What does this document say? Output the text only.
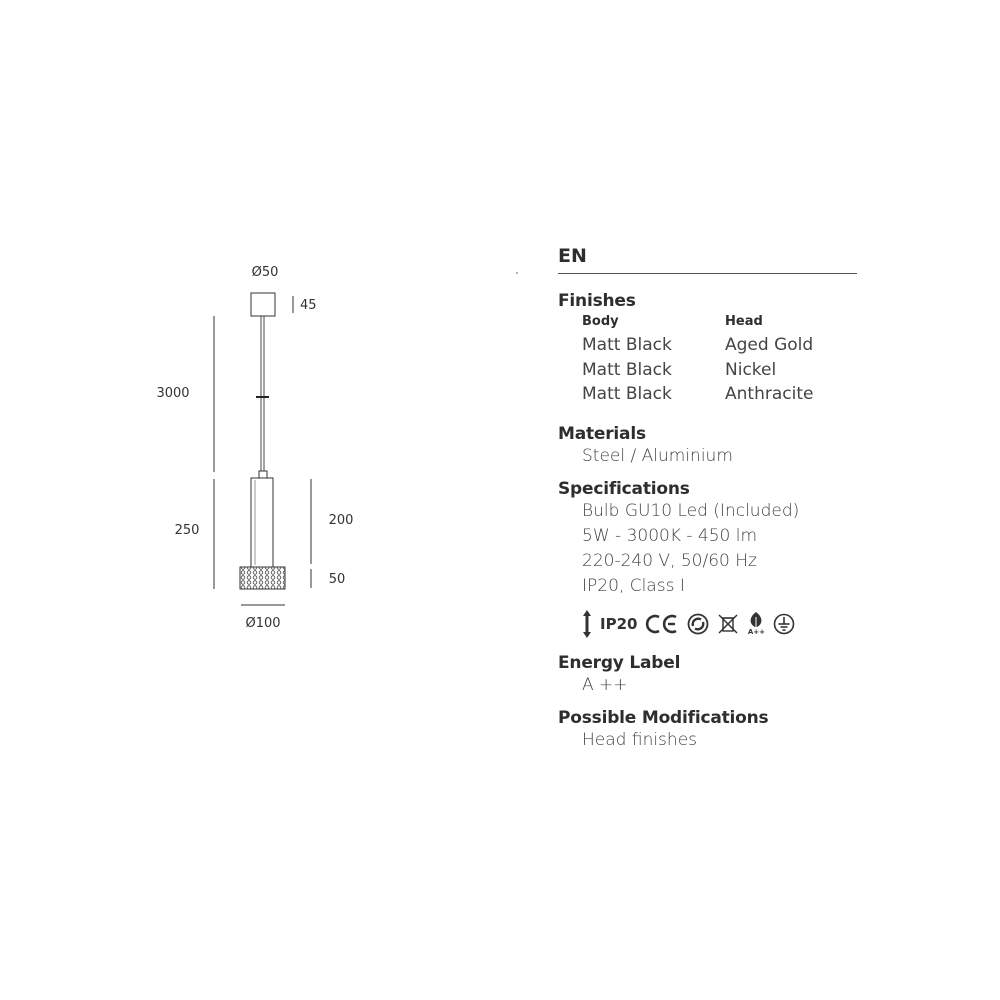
Ø50
45
3000
250
200
50
Ø100
EN
Finishes
Body
Matt Black
Matt Black
Matt Black
Head
Aged Gold
Nickel
Anthracite
Materials
Steel / Aluminium
Specifications
Bulb GU10 Led (Included)
5W - 3000K - 450 lm
220-240 V, 50/60 Hz
IP20, Class I
IP20	A++
Energy Label
A ++
Possible Modifications
Head finishes
